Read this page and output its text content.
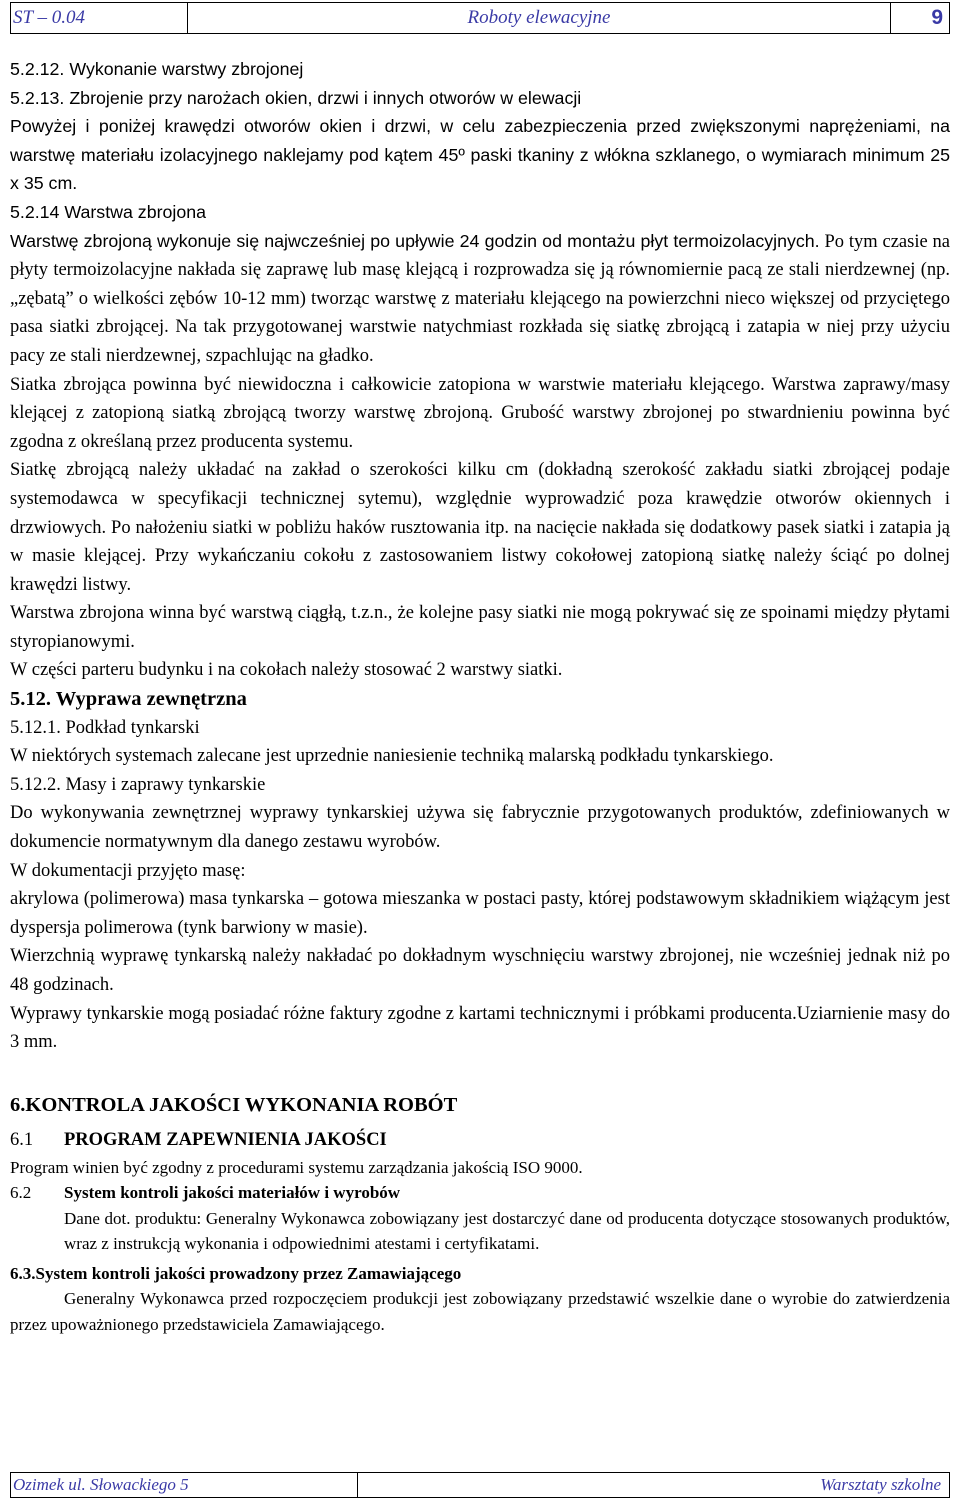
ST – 0.04	Roboty elewacyjne	9

5.2.12. Wykonanie warstwy zbrojonej

5.2.13. Zbrojenie przy narożach okien, drzwi i innych otworów w elewacji

Powyżej i poniżej krawędzi otworów okien i drzwi, w celu zabezpieczenia przed zwiększonymi naprężeniami, na warstwę materiału izolacyjnego naklejamy pod kątem 45º paski tkaniny z włókna szklanego, o wymiarach minimum 25 x 35 cm.

5.2.14 Warstwa zbrojona

Warstwę zbrojoną wykonuje się najwcześniej po upływie 24 godzin od montażu płyt termoizolacyjnych. Po tym czasie na płyty termoizolacyjne nakłada się zaprawę lub masę klejącą i rozprowadza się ją równomiernie pacą ze stali nierdzewnej (np. „zębatą” o wielkości zębów 10-12 mm) tworząc warstwę z materiału klejącego na powierzchni nieco większej od przyciętego pasa siatki zbrojącej. Na tak przygotowanej warstwie natychmiast rozkłada się siatkę zbrojącą i zatapia w niej przy użyciu pacy ze stali nierdzewnej, szpachlując na gładko.

Siatka zbrojąca powinna być niewidoczna i całkowicie zatopiona w warstwie materiału klejącego. Warstwa zaprawy/masy klejącej z zatopioną siatką zbrojącą tworzy warstwę zbrojoną. Grubość warstwy zbrojonej po stwardnieniu powinna być zgodna z określaną przez producenta systemu.

Siatkę zbrojącą należy układać na zakład o szerokości kilku cm (dokładną szerokość zakładu siatki zbrojącej podaje systemodawca w specyfikacji technicznej sytemu), względnie wyprowadzić poza krawędzie otworów okiennych i drzwiowych. Po nałożeniu siatki w pobliżu haków rusztowania itp. na nacięcie nakłada się dodatkowy pasek siatki i zatapia ją w masie klejącej. Przy wykańczaniu cokołu z zastosowaniem listwy cokołowej zatopioną siatkę należy ściąć po dolnej krawędzi listwy.

Warstwa zbrojona winna być warstwą ciągłą, t.z.n., że kolejne pasy siatki nie mogą pokrywać się ze spoinami między płytami styropianowymi.

W części parteru budynku i na cokołach należy stosować 2 warstwy siatki.

5.12. Wyprawa zewnętrzna

5.12.1. Podkład tynkarski

W niektórych systemach zalecane jest uprzednie naniesienie techniką malarską podkładu tynkarskiego.

5.12.2. Masy i zaprawy tynkarskie

Do wykonywania zewnętrznej wyprawy tynkarskiej używa się fabrycznie przygotowanych produktów, zdefiniowanych w dokumencie normatywnym dla danego zestawu wyrobów.

W dokumentacji przyjęto masę:

akrylowa (polimerowa) masa tynkarska – gotowa mieszanka w postaci pasty, której podstawowym składnikiem wiążącym jest dyspersja polimerowa (tynk barwiony w masie).

Wierzchnią wyprawę tynkarską należy nakładać po dokładnym wyschnięciu warstwy zbrojonej, nie wcześniej jednak niż po 48 godzinach.

Wyprawy tynkarskie mogą posiadać różne faktury zgodne z kartami technicznymi i próbkami producenta.Uziarnienie masy do 3 mm.

6.KONTROLA JAKOŚCI WYKONANIA ROBÓT

6.1	PROGRAM ZAPEWNIENIA JAKOŚCI

Program winien być zgodny z procedurami systemu zarządzania jakością ISO 9000.

6.2	System kontroli jakości materiałów i wyrobów

Dane dot. produktu: Generalny Wykonawca zobowiązany jest dostarczyć dane od producenta dotyczące stosowanych produktów, wraz z instrukcją wykonania i odpowiednimi atestami i certyfikatami.

6.3.System kontroli jakości prowadzony przez Zamawiającego

Generalny Wykonawca przed rozpoczęciem produkcji jest zobowiązany przedstawić wszelkie dane o wyrobie do zatwierdzenia przez upoważnionego przedstawiciela Zamawiającego.

Ozimek ul. Słowackiego 5	Warsztaty szkolne
